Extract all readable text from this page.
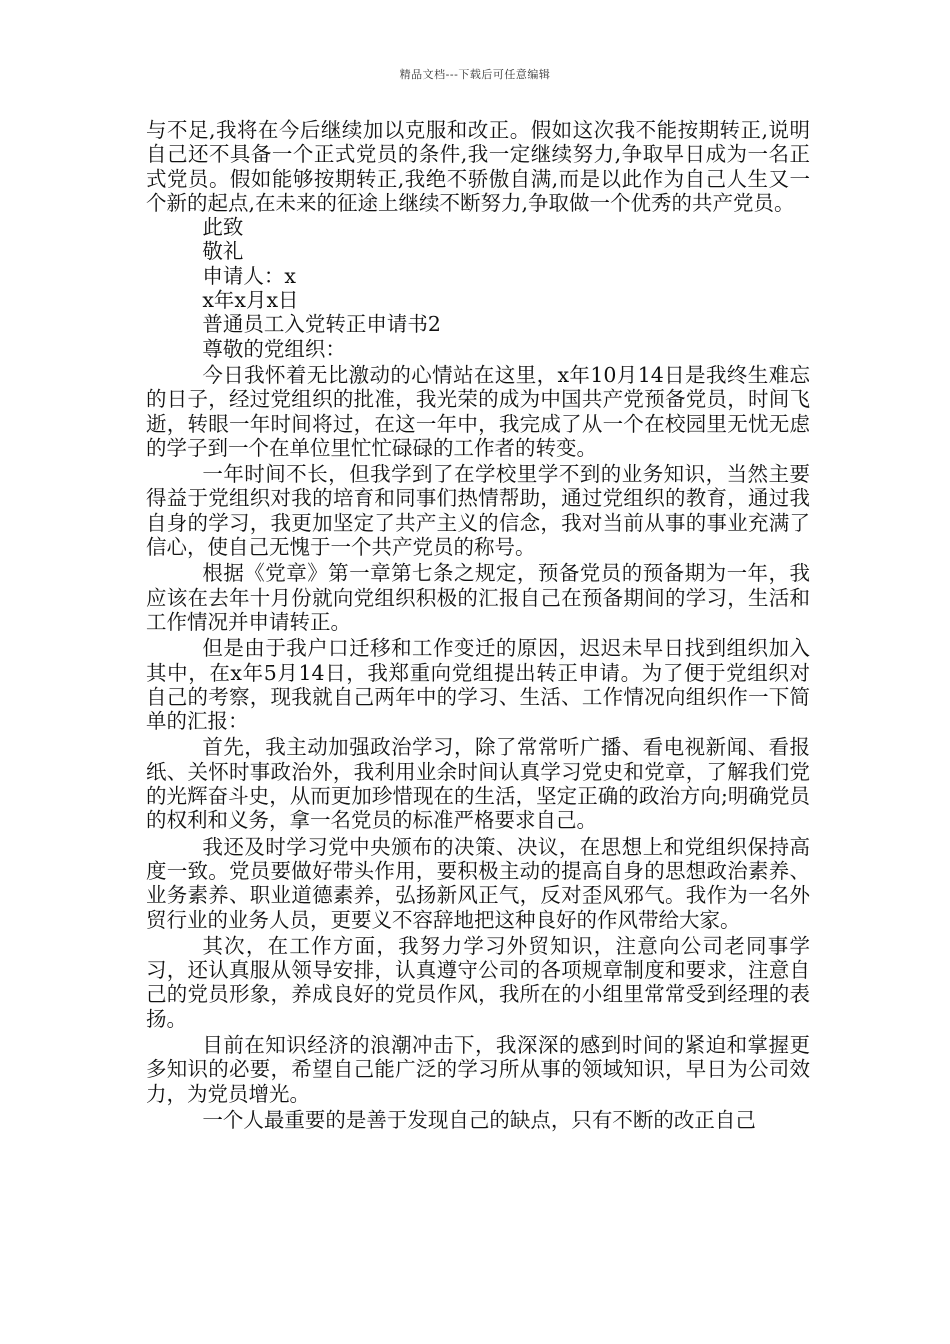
精品文档---下载后可任意编辑

与不足,我将在今后继续加以克服和改正。假如这次我不能按期转正,说明自己还不具备一个正式党员的条件,我一定继续努力,争取早日成为一名正式党员。假如能够按期转正,我绝不骄傲自满,而是以此作为自己人生又一个新的起点,在未来的征途上继续不断努力,争取做一个优秀的共产党员。

此致

敬礼

申请人：x

x年x月x日

普通员工入党转正申请书2

尊敬的党组织：

今日我怀着无比激动的心情站在这里，x年10月14日是我终生难忘的日子，经过党组织的批准，我光荣的成为中国共产党预备党员，时间飞逝，转眼一年时间将过，在这一年中，我完成了从一个在校园里无忧无虑的学子到一个在单位里忙忙碌碌的工作者的转变。

一年时间不长，但我学到了在学校里学不到的业务知识，当然主要得益于党组织对我的培育和同事们热情帮助，通过党组织的教育，通过我自身的学习，我更加坚定了共产主义的信念，我对当前从事的事业充满了信心，使自己无愧于一个共产党员的称号。

根据《党章》第一章第七条之规定，预备党员的预备期为一年，我应该在去年十月份就向党组织积极的汇报自己在预备期间的学习，生活和工作情况并申请转正。

但是由于我户口迁移和工作变迁的原因，迟迟未早日找到组织加入其中，在x年5月14日，我郑重向党组提出转正申请。为了便于党组织对自己的考察，现我就自己两年中的学习、生活、工作情况向组织作一下简单的汇报：

首先，我主动加强政治学习，除了常常听广播、看电视新闻、看报纸、关怀时事政治外，我利用业余时间认真学习党史和党章，了解我们党的光辉奋斗史，从而更加珍惜现在的生活，坚定正确的政治方向;明确党员的权利和义务，拿一名党员的标准严格要求自己。

我还及时学习党中央颁布的决策、决议，在思想上和党组织保持高度一致。党员要做好带头作用，要积极主动的提高自身的思想政治素养、业务素养、职业道德素养，弘扬新风正气，反对歪风邪气。我作为一名外贸行业的业务人员，更要义不容辞地把这种良好的作风带给大家。

其次，在工作方面，我努力学习外贸知识，注意向公司老同事学习，还认真服从领导安排，认真遵守公司的各项规章制度和要求，注意自己的党员形象，养成良好的党员作风，我所在的小组里常常受到经理的表扬。

目前在知识经济的浪潮冲击下，我深深的感到时间的紧迫和掌握更多知识的必要，希望自己能广泛的学习所从事的领域知识，早日为公司效力，为党员增光。

一个人最重要的是善于发现自己的缺点，只有不断的改正自己
